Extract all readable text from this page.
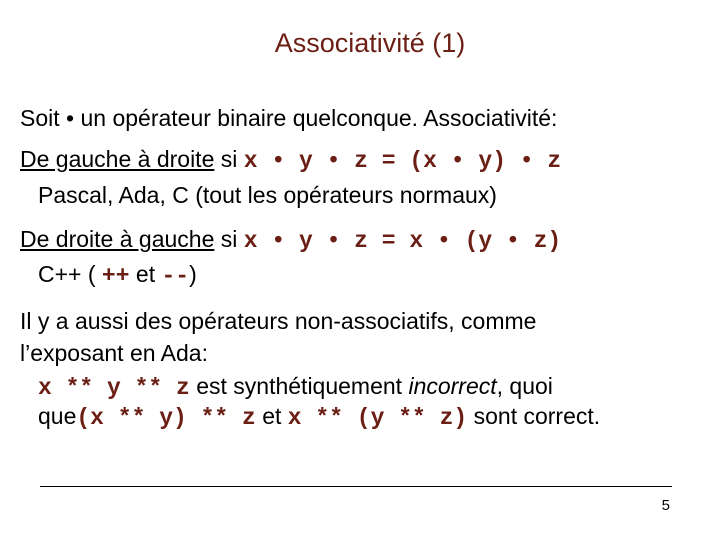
Associativité (1)
Soit • un opérateur binaire quelconque. Associativité:
De gauche à droite si x • y • z = (x • y) • z
Pascal, Ada, C (tout les opérateurs normaux)
De droite à gauche si x • y • z = x • (y • z)
C++ ( ++ et --)
Il y a aussi des opérateurs non-associatifs, comme
l’exposant en Ada:
x ** y ** z est synthétiquement incorrect, quoi
que(x ** y) ** z et x ** (y ** z) sont correct.
5
